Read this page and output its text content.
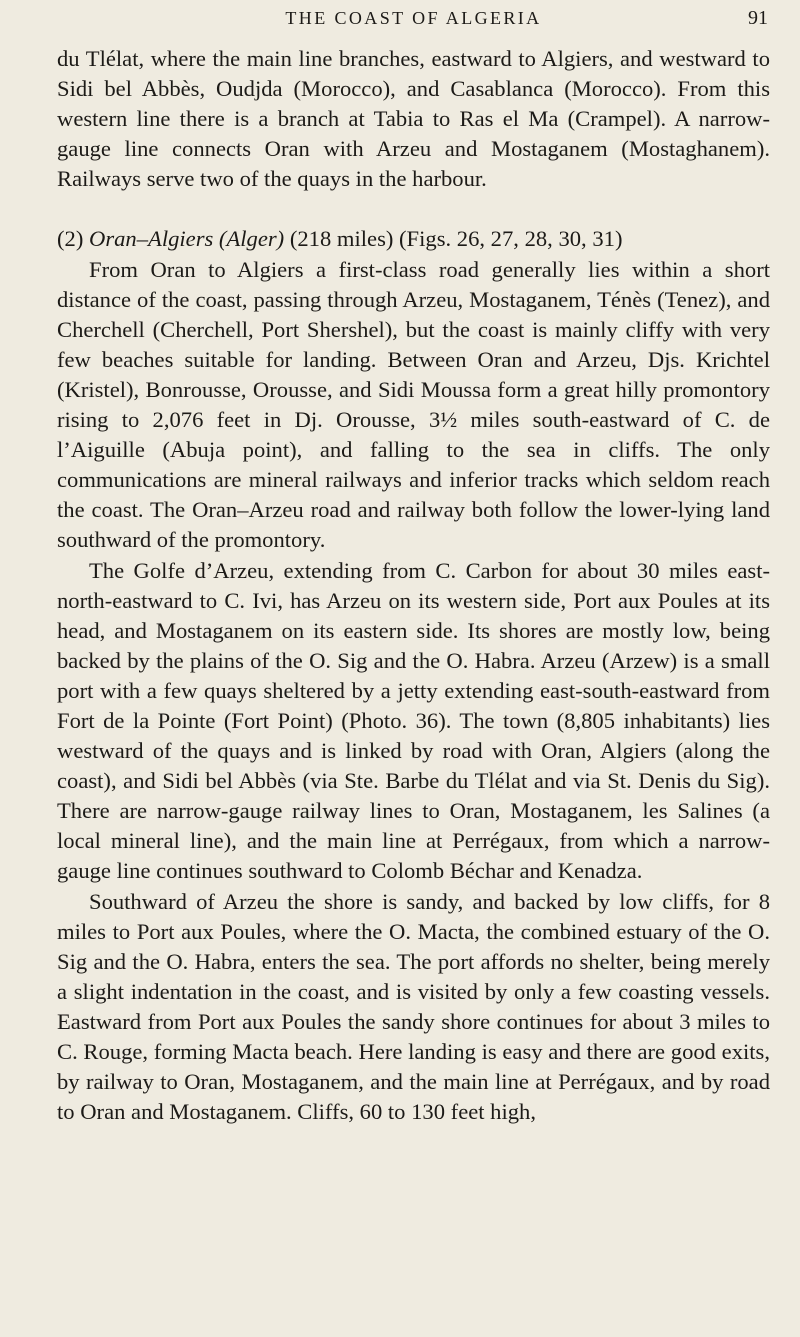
THE COAST OF ALGERIA	91

du Tlélat, where the main line branches, eastward to Algiers, and westward to Sidi bel Abbès, Oudjda (Morocco), and Casablanca (Morocco). From this western line there is a branch at Tabia to Ras el Ma (Crampel). A narrow-gauge line connects Oran with Arzeu and Mostaganem (Mostaghanem). Railways serve two of the quays in the harbour.

(2) Oran–Algiers (Alger) (218 miles) (Figs. 26, 27, 28, 30, 31)

From Oran to Algiers a first-class road generally lies within a short distance of the coast, passing through Arzeu, Mostaganem, Ténès (Tenez), and Cherchell (Cherchell, Port Shershel), but the coast is mainly cliffy with very few beaches suitable for landing. Between Oran and Arzeu, Djs. Krichtel (Kristel), Bonrousse, Orousse, and Sidi Moussa form a great hilly promontory rising to 2,076 feet in Dj. Orousse, 3½ miles south-eastward of C. de l’Aiguille (Abuja point), and falling to the sea in cliffs. The only communications are mineral railways and inferior tracks which seldom reach the coast. The Oran–Arzeu road and railway both follow the lower-lying land southward of the promontory.

The Golfe d’Arzeu, extending from C. Carbon for about 30 miles east-north-eastward to C. Ivi, has Arzeu on its western side, Port aux Poules at its head, and Mostaganem on its eastern side. Its shores are mostly low, being backed by the plains of the O. Sig and the O. Habra. Arzeu (Arzew) is a small port with a few quays sheltered by a jetty extending east-south-eastward from Fort de la Pointe (Fort Point) (Photo. 36). The town (8,805 inhabitants) lies westward of the quays and is linked by road with Oran, Algiers (along the coast), and Sidi bel Abbès (via Ste. Barbe du Tlélat and via St. Denis du Sig). There are narrow-gauge railway lines to Oran, Mostaganem, les Salines (a local mineral line), and the main line at Perrégaux, from which a narrow-gauge line continues southward to Colomb Béchar and Kenadza.

Southward of Arzeu the shore is sandy, and backed by low cliffs, for 8 miles to Port aux Poules, where the O. Macta, the combined estuary of the O. Sig and the O. Habra, enters the sea. The port affords no shelter, being merely a slight indentation in the coast, and is visited by only a few coasting vessels. Eastward from Port aux Poules the sandy shore continues for about 3 miles to C. Rouge, forming Macta beach. Here landing is easy and there are good exits, by railway to Oran, Mostaganem, and the main line at Perrégaux, and by road to Oran and Mostaganem. Cliffs, 60 to 130 feet high,
